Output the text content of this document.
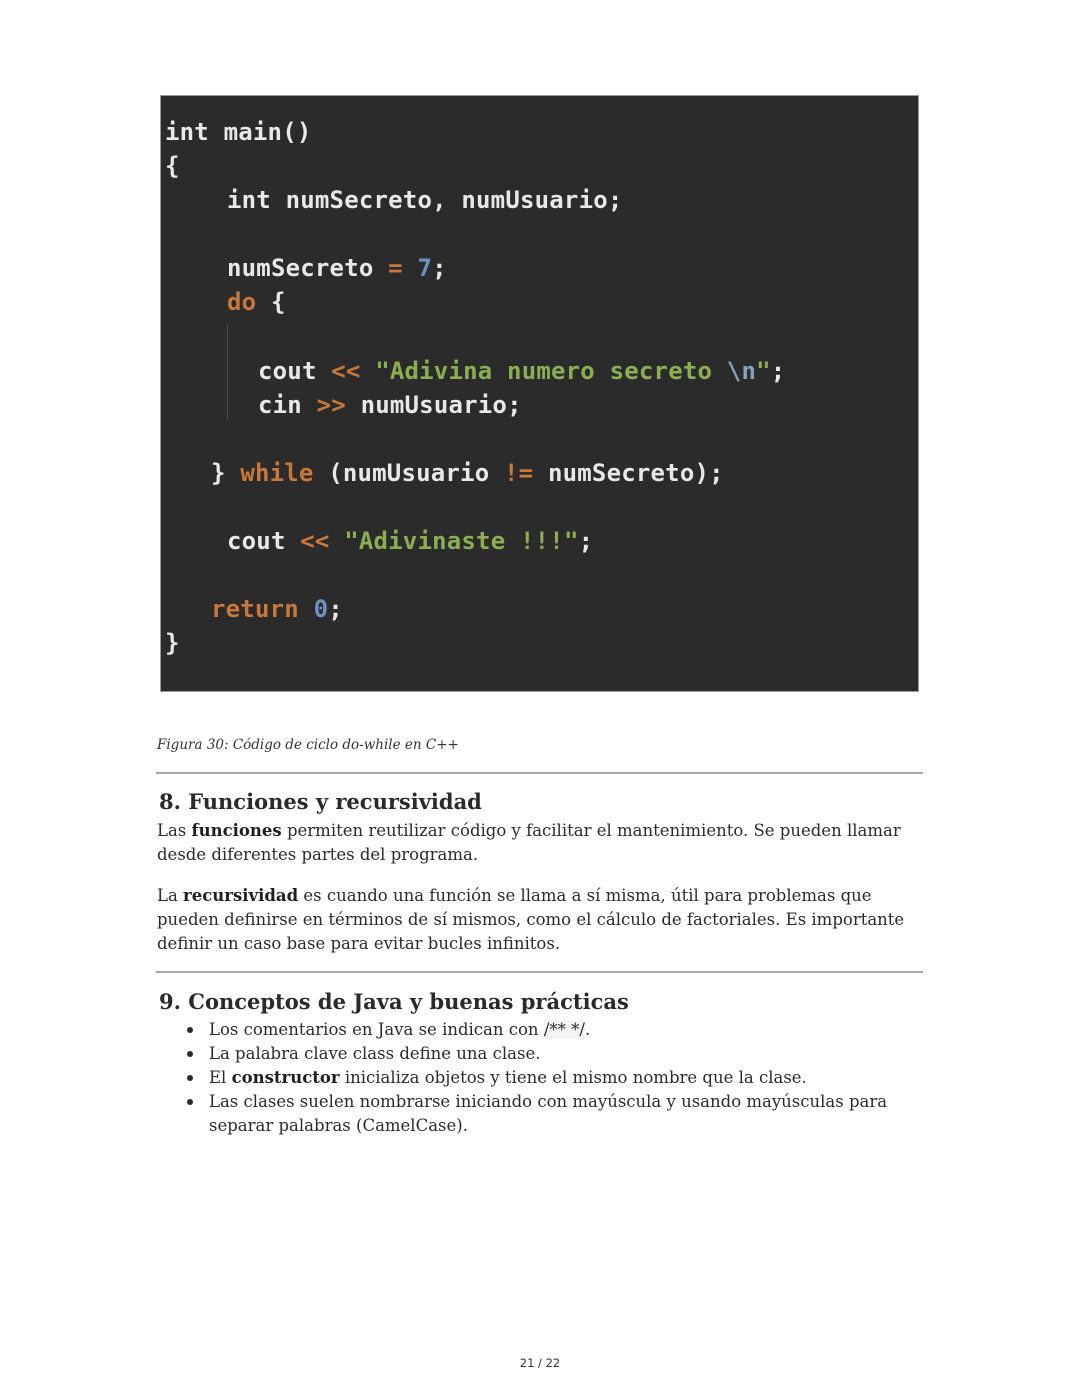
int main()
{
int numSecreto, numUsuario;
numSecreto = 7;
do {
cout << "Adivina numero secreto \n";
cin >> numUsuario;
} while (numUsuario != numSecreto);
cout << "Adivinaste !!!";
return 0;
}
Figura 30: Código de ciclo do-while en C++
8. Funciones y recursividad
Las funciones permiten reutilizar código y facilitar el mantenimiento. Se pueden llamar desde diferentes partes del programa.
La recursividad es cuando una función se llama a sí misma, útil para problemas que pueden definirse en términos de sí mismos, como el cálculo de factoriales. Es importante definir un caso base para evitar bucles infinitos.
9. Conceptos de Java y buenas prácticas
Los comentarios en Java se indican con /** */.
La palabra clave class define una clase.
El constructor inicializa objetos y tiene el mismo nombre que la clase.
Las clases suelen nombrarse iniciando con mayúscula y usando mayúsculas para separar palabras (CamelCase).
21 / 22
